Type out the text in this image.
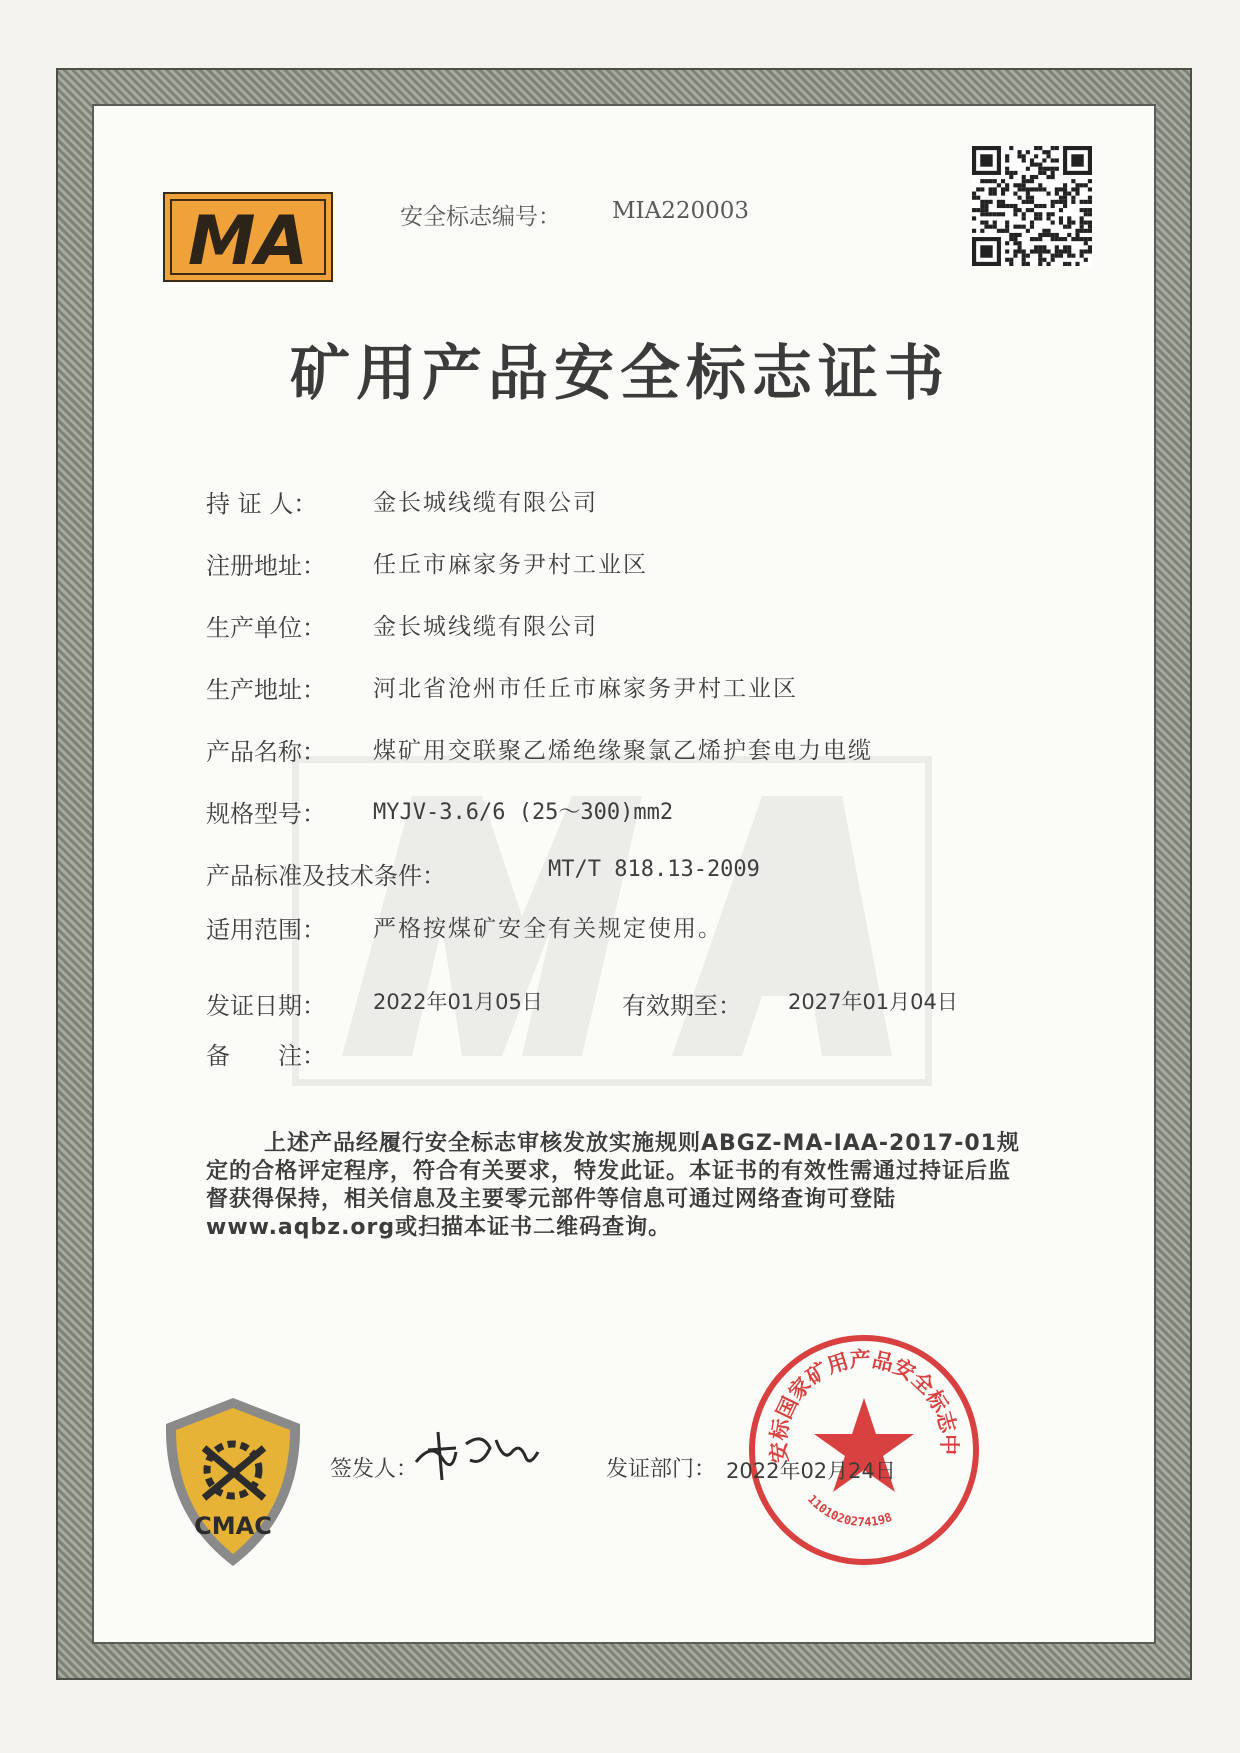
MA	安全标志编号： MIA220003
矿用产品安全标志证书
持 证 人： 金长城线缆有限公司
注册地址： 任丘市麻家务尹村工业区
生产单位： 金长城线缆有限公司
生产地址： 河北省沧州市任丘市麻家务尹村工业区
产品名称： 煤矿用交联聚乙烯绝缘聚氯乙烯护套电力电缆
规格型号： MYJV-3.6/6 (25～300)mm2
产品标准及技术条件：	MT/T 818.13-2009
适用范围： 严格按煤矿安全有关规定使用。
发证日期： 2022年01月05日	有效期至： 2027年01月04日
备　　注：
上述产品经履行安全标志审核发放实施规则ABGZ-MA-IAA-2017-01规定的合格评定程序，符合有关要求，特发此证。本证书的有效性需通过持证后监督获得保持，相关信息及主要零元部件等信息可通过网络查询可登陆www.aqbz.org或扫描本证书二维码查询。
CMAC
签发人：	发证部门：
安标国家矿用产品安全标志中
1101020274198
2022年02月24日
